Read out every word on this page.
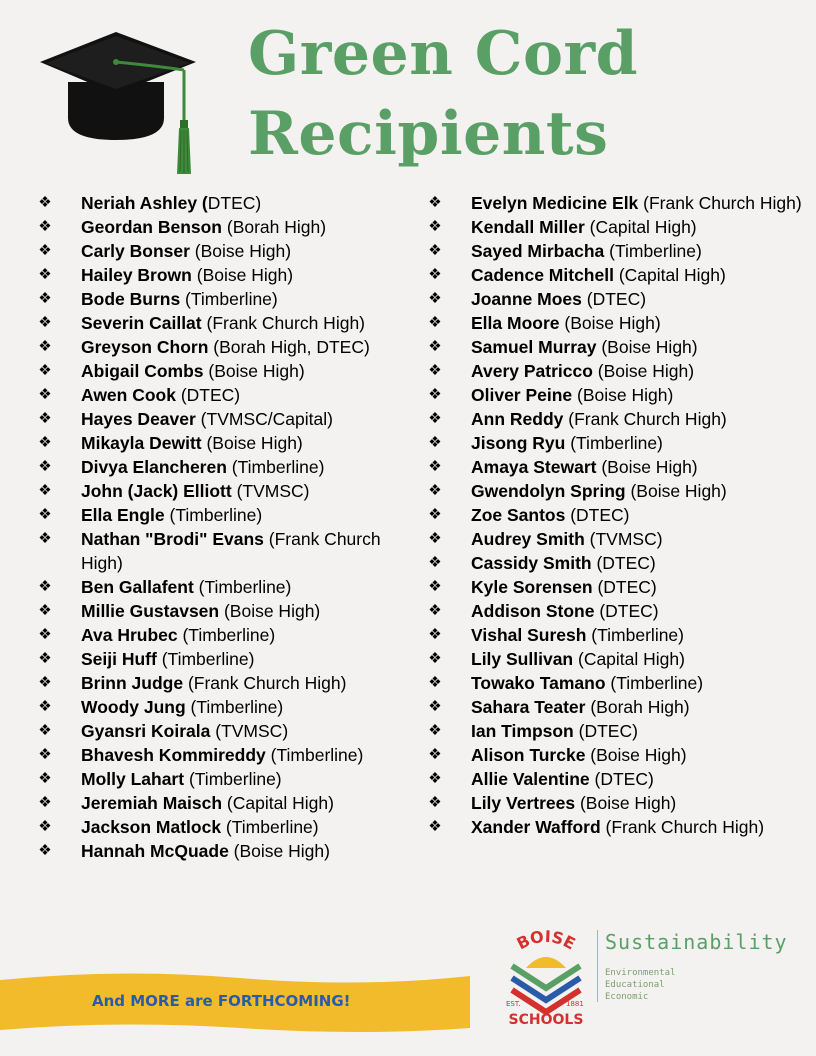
Green Cord
Recipients
❖ Neriah Ashley (DTEC)
❖ Geordan Benson (Borah High)
❖ Carly Bonser (Boise High)
❖ Hailey Brown (Boise High)
❖ Bode Burns (Timberline)
❖ Severin Caillat (Frank Church High)
❖ Greyson Chorn (Borah High, DTEC)
❖ Abigail Combs (Boise High)
❖ Awen Cook (DTEC)
❖ Hayes Deaver (TVMSC/Capital)
❖ Mikayla Dewitt (Boise High)
❖ Divya Elancheren (Timberline)
❖ John (Jack) Elliott (TVMSC)
❖ Ella Engle (Timberline)
❖ Nathan "Brodi" Evans (Frank Church High)
❖ Ben Gallafent (Timberline)
❖ Millie Gustavsen (Boise High)
❖ Ava Hrubec (Timberline)
❖ Seiji Huff (Timberline)
❖ Brinn Judge (Frank Church High)
❖ Woody Jung (Timberline)
❖ Gyansri Koirala (TVMSC)
❖ Bhavesh Kommireddy (Timberline)
❖ Molly Lahart (Timberline)
❖ Jeremiah Maisch (Capital High)
❖ Jackson Matlock (Timberline)
❖ Hannah McQuade (Boise High)
❖ Evelyn Medicine Elk (Frank Church High)
❖ Kendall Miller (Capital High)
❖ Sayed Mirbacha (Timberline)
❖ Cadence Mitchell (Capital High)
❖ Joanne Moes (DTEC)
❖ Ella Moore (Boise High)
❖ Samuel Murray (Boise High)
❖ Avery Patricco (Boise High)
❖ Oliver Peine (Boise High)
❖ Ann Reddy (Frank Church High)
❖ Jisong Ryu (Timberline)
❖ Amaya Stewart (Boise High)
❖ Gwendolyn Spring (Boise High)
❖ Zoe Santos (DTEC)
❖ Audrey Smith (TVMSC)
❖ Cassidy Smith (DTEC)
❖ Kyle Sorensen (DTEC)
❖ Addison Stone (DTEC)
❖ Vishal Suresh (Timberline)
❖ Lily Sullivan (Capital High)
❖ Towako Tamano (Timberline)
❖ Sahara Teater (Borah High)
❖ Ian Timpson (DTEC)
❖ Alison Turcke (Boise High)
❖ Allie Valentine (DTEC)
❖ Lily Vertrees (Boise High)
❖ Xander Wafford (Frank Church High)

And MORE are FORTHCOMING!

BOISE
EST.	1881
SCHOOLS

Sustainability

Environmental
Educational
Economic
